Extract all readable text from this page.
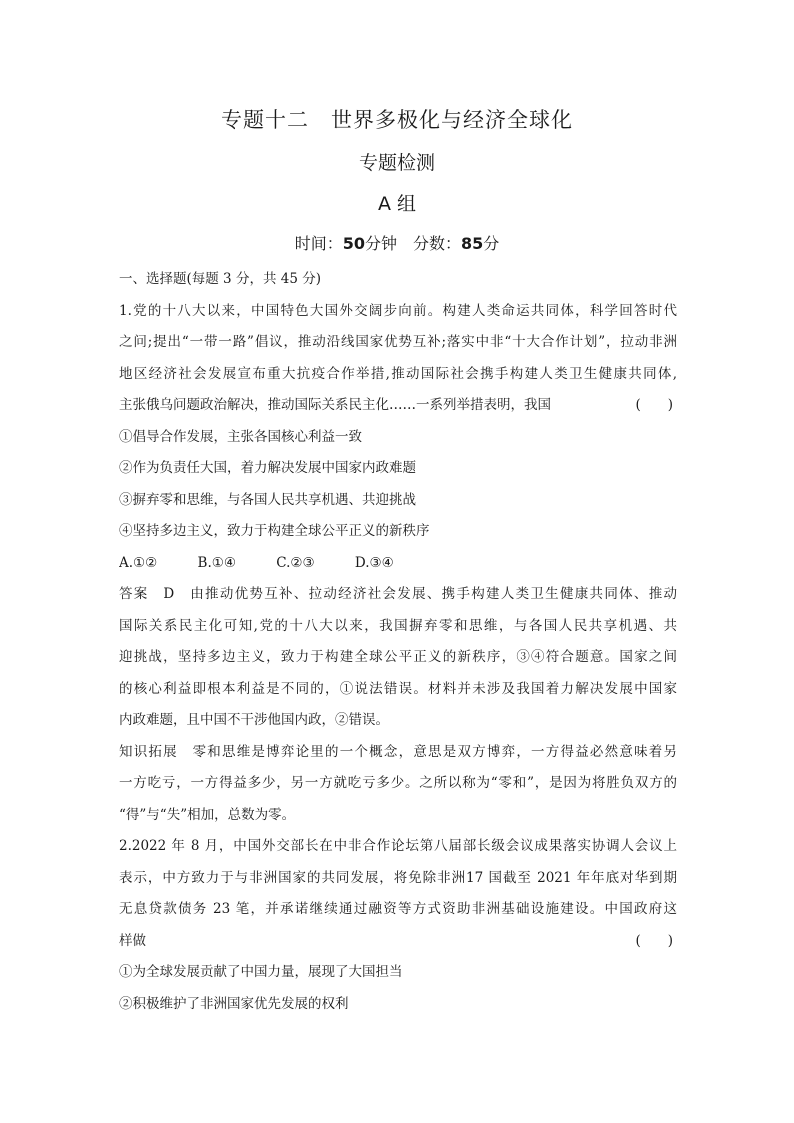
专题十二　世界多极化与经济全球化
专题检测
A 组
时间：50分钟　分数：85分
一、选择题(每题 3 分，共 45 分)
1.党的十八大以来，中国特色大国外交阔步向前。构建人类命运共同体，科学回答时代
之问;提出“一带一路”倡议，推动沿线国家优势互补;落实中非“十大合作计划”，拉动非洲
地区经济社会发展宣布重大抗疫合作举措,推动国际社会携手构建人类卫生健康共同体,
主张俄乌问题政治解决，推动国际关系民主化……一系列举措表明，我国	(　　)
①倡导合作发展，主张各国核心利益一致
②作为负责任大国，着力解决发展中国家内政难题
③摒弃零和思维，与各国人民共享机遇、共迎挑战
④坚持多边主义，致力于构建全球公平正义的新秩序
A.①②	B.①④	C.②③	D.③④
答案　D　由推动优势互补、拉动经济社会发展、携手构建人类卫生健康共同体、推动
国际关系民主化可知,党的十八大以来，我国摒弃零和思维，与各国人民共享机遇、共
迎挑战，坚持多边主义，致力于构建全球公平正义的新秩序，③④符合题意。国家之间
的核心利益即根本利益是不同的，①说法错误。材料并未涉及我国着力解决发展中国家
内政难题，且中国不干涉他国内政，②错误。
知识拓展　零和思维是博弈论里的一个概念，意思是双方博弈，一方得益必然意味着另
一方吃亏，一方得益多少，另一方就吃亏多少。之所以称为“零和”，是因为将胜负双方的
“得”与“失”相加，总数为零。
2.2022 年 8 月，中国外交部长在中非合作论坛第八届部长级会议成果落实协调人会议上
表示，中方致力于与非洲国家的共同发展，将免除非洲17 国截至 2021 年年底对华到期
无息贷款债务 23 笔，并承诺继续通过融资等方式资助非洲基础设施建设。中国政府这
样做	(　　)
①为全球发展贡献了中国力量，展现了大国担当
②积极维护了非洲国家优先发展的权利
